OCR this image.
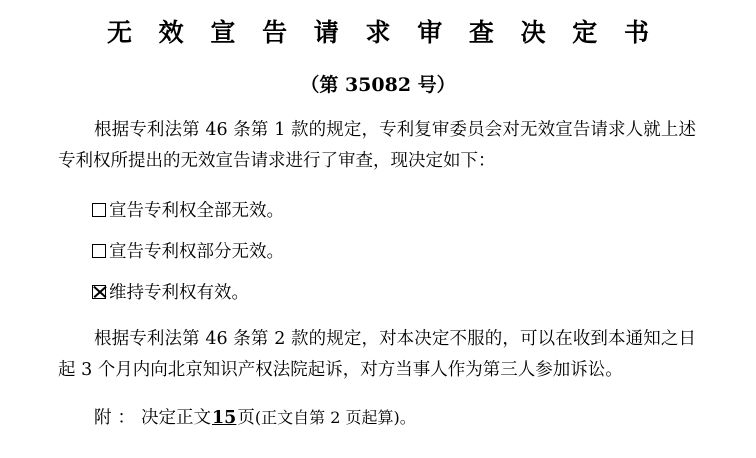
无 效 宣 告 请 求 审 查 决 定 书
（第 35082 号）

根据专利法第 46 条第 1 款的规定，专利复审委员会对无效宣告请求人就上述专利权所提出的无效宣告请求进行了审查，现决定如下：

宣告专利权全部无效。
宣告专利权部分无效。
维持专利权有效。

根据专利法第 46 条第 2 款的规定，对本决定不服的，可以在收到本通知之日起 3 个月内向北京知识产权法院起诉，对方当事人作为第三人参加诉讼。

附：决定正文15页(正文自第 2 页起算)。
